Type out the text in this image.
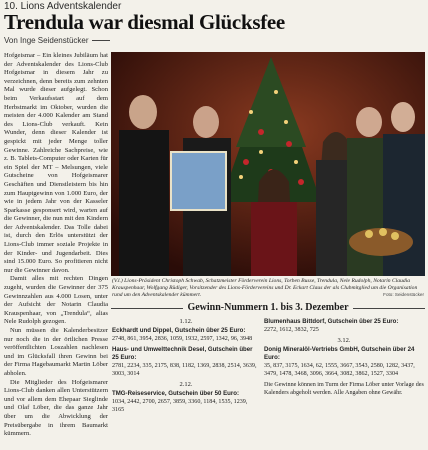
10. Lions Adventskalender
Trendula war diesmal Glücksfee
Von Inge Seidenstücker

Hofgeismar – Ein kleines Jubiläum hat der Adventskalender des Lions-Club Hofgeismar in diesem Jahr zu verzeichnen, denn bereits zum zehnten Mal wurde dieser aufgelegt. Schon beim Verkaufsstart auf dem Herbstmarkt im Oktober, wurden die meisten der 4.000 Kalender am Stand des Lions-Club verkauft. Kein Wunder, denn dieser Kalender ist gespickt mit jeder Menge toller Gewinne. Zahlreiche Sachpreise, wie z. B. Tablets-Computer oder Karten für ein Spiel der MT – Melsungen, viele Gutscheine von Hofgeismarer Geschäften und Dienstleistern bis hin zum Hauptgewinn von 1.000 Euro, der wie in jedem Jahr von der Kasseler Sparkasse gesponsert wird, warten auf die Gewinner, die nun mit den Kindern der Adventskalender. Das Tolle dabei ist, durch den Erlös unterstützt der Lions-Club immer soziale Projekte in der Kinder- und Jugendarbeit. Dies sind 15.000 Euro. So profitieren nicht nur die Gewinner davon.

Damit alles mit rechten Dingen zugeht, wurden die Gewinner der 375 Gewinnzahlen aus 4.000 Losen, unter der Aufsicht der Notarin Claudia Krauspenhaar, von „Trendula“, alias Nele Rudolph gezogen.

Nun müssen die Kalenderbesitzer nur noch die in der örtlichen Presse veröffentlichten Loszahlen nachlesen und im Glücksfall ihren Gewinn bei der Firma Hagebaumarkt Martin Löber abholen.

Die Mitglieder des Hofgeismarer Lions-Club danken allen Unterstützern und vor allem dem Ehepaar Sieglinde und Olaf Löber, die das ganze Jahr über um die Abwicklung der Preisübergabe in ihrem Baumarkt kümmern.

(V.l.) Lions-Präsident Christoph Schwab, Schatzmeister Förderverein Lions, Torben Busse, Trendula, Nele Rudolph, Notarin Claudia Krauspenhaar, Wolfgang Rüdiger, Vorsitzender des Lions-Fördervereins und Dr. Eckart Claus der als Clubmitglied um die Organisation rund um den Adventskalender kümmert.	Foto: Seidenstücker
Gewinn-Nummern 1. bis 3. Dezember
1.12.
Eckhardt und Dippel, Gutschein über 25 Euro:
2748, 861, 3954, 2836, 1059, 1932, 2597, 1342, 96, 3948
Haus- und Umwelttechnik Desel, Gutschein über 25 Euro:
2781, 2234, 335, 2175, 838, 1182, 1369, 2838, 2514, 3639, 3003, 3014
2.12.
TMG-Reiseservice, Gutschein über 50 Euro:
1034, 2442, 2700, 2657, 3859, 3360, 1184, 1535, 1239, 3165
Blumenhaus Bittdorf, Gutschein über 25 Euro:
2272, 1612, 3832, 725
3.12.
Donig Mineralöl-Vertriebs GmbH, Gutschein über 24 Euro:
35, 837, 3175, 1634, 62, 1555, 3667, 3543, 2580, 1282, 3437, 3479, 1478, 3468, 3096, 3664, 3082, 3862, 1527, 3304
Die Gewinne können im Turm der Firma Löber unter Vorlage des Kalenders abgeholt werden. Alle Angaben ohne Gewähr.
